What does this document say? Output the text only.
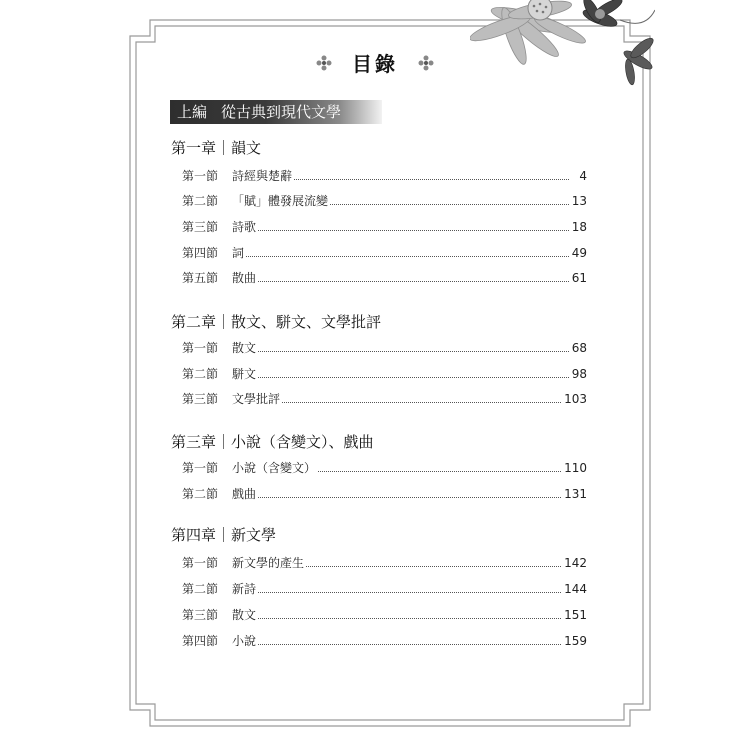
目錄
上編 從古典到現代文學
第一章｜韻文
第一節 詩經與楚辭	4
第二節 「賦」體發展流變	13
第三節 詩歌	18
第四節 詞	49
第五節 散曲	61
第二章｜散文、駢文、文學批評
第一節 散文	68
第二節 駢文	98
第三節 文學批評	103
第三章｜小說（含變文）、戲曲
第一節 小說（含變文）	110
第二節 戲曲	131
第四章｜新文學
第一節 新文學的產生	142
第二節 新詩	144
第三節 散文	151
第四節 小說	159
